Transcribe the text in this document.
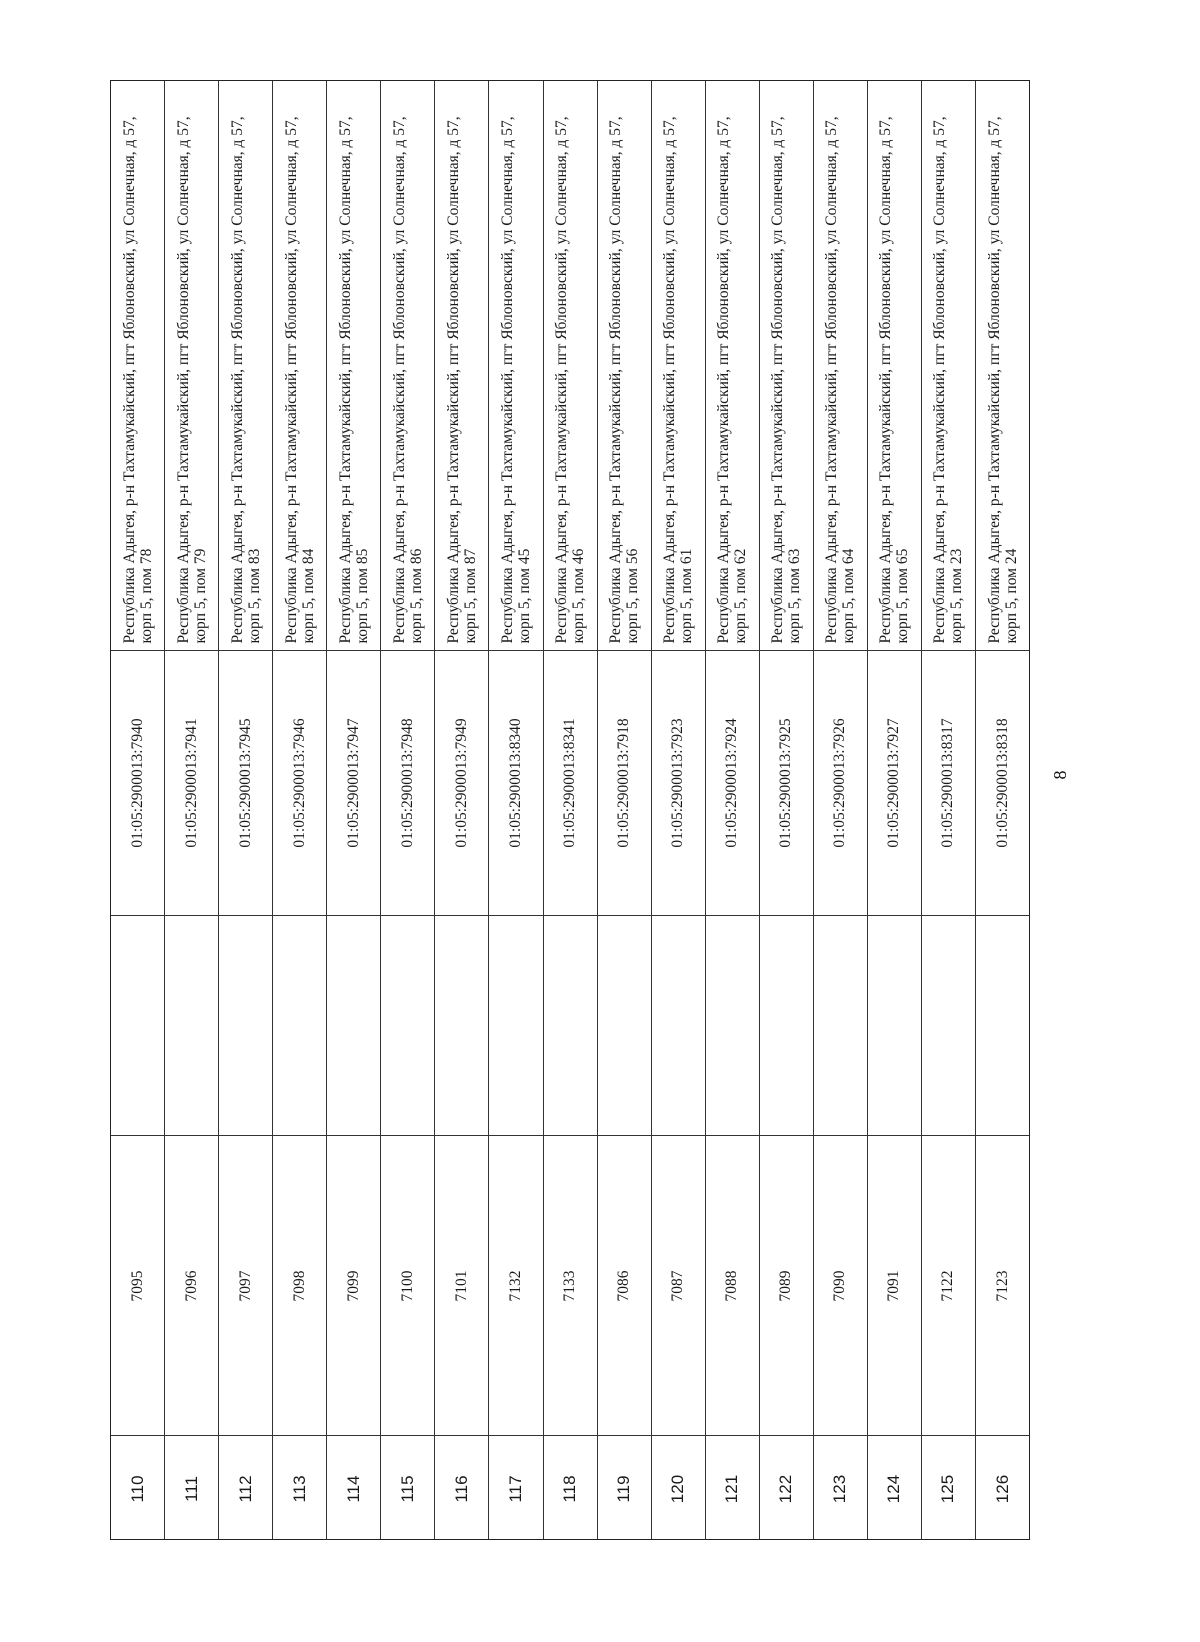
Республика Адыгея, р-н Тахтамукайский, пгт Яблоновский, ул Солнечная, д 57, корп 5, пом 78
01:05:2900013:7940
7095
110
Республика Адыгея, р-н Тахтамукайский, пгт Яблоновский, ул Солнечная, д 57, корп 5, пом 79
01:05:2900013:7941
7096
111
Республика Адыгея, р-н Тахтамукайский, пгт Яблоновский, ул Солнечная, д 57, корп 5, пом 83
01:05:2900013:7945
7097
112
Республика Адыгея, р-н Тахтамукайский, пгт Яблоновский, ул Солнечная, д 57, корп 5, пом 84
01:05:2900013:7946
7098
113
Республика Адыгея, р-н Тахтамукайский, пгт Яблоновский, ул Солнечная, д 57, корп 5, пом 85
01:05:2900013:7947
7099
114
Республика Адыгея, р-н Тахтамукайский, пгт Яблоновский, ул Солнечная, д 57, корп 5, пом 86
01:05:2900013:7948
7100
115
Республика Адыгея, р-н Тахтамукайский, пгт Яблоновский, ул Солнечная, д 57, корп 5, пом 87
01:05:2900013:7949
7101
116
Республика Адыгея, р-н Тахтамукайский, пгт Яблоновский, ул Солнечная, д 57, корп 5, пом 45
01:05:2900013:8340
7132
117
Республика Адыгея, р-н Тахтамукайский, пгт Яблоновский, ул Солнечная, д 57, корп 5, пом 46
01:05:2900013:8341
7133
118
Республика Адыгея, р-н Тахтамукайский, пгт Яблоновский, ул Солнечная, д 57, корп 5, пом 56
01:05:2900013:7918
7086
119
Республика Адыгея, р-н Тахтамукайский, пгт Яблоновский, ул Солнечная, д 57, корп 5, пом 61
01:05:2900013:7923
7087
120
Республика Адыгея, р-н Тахтамукайский, пгт Яблоновский, ул Солнечная, д 57, корп 5, пом 62
01:05:2900013:7924
7088
121
Республика Адыгея, р-н Тахтамукайский, пгт Яблоновский, ул Солнечная, д 57, корп 5, пом 63
01:05:2900013:7925
7089
122
Республика Адыгея, р-н Тахтамукайский, пгт Яблоновский, ул Солнечная, д 57, корп 5, пом 64
01:05:2900013:7926
7090
123
Республика Адыгея, р-н Тахтамукайский, пгт Яблоновский, ул Солнечная, д 57, корп 5, пом 65
01:05:2900013:7927
7091
124
Республика Адыгея, р-н Тахтамукайский, пгт Яблоновский, ул Солнечная, д 57, корп 5, пом 23
01:05:2900013:8317
7122
125
Республика Адыгея, р-н Тахтамукайский, пгт Яблоновский, ул Солнечная, д 57, корп 5, пом 24
01:05:2900013:8318
7123
126
8
